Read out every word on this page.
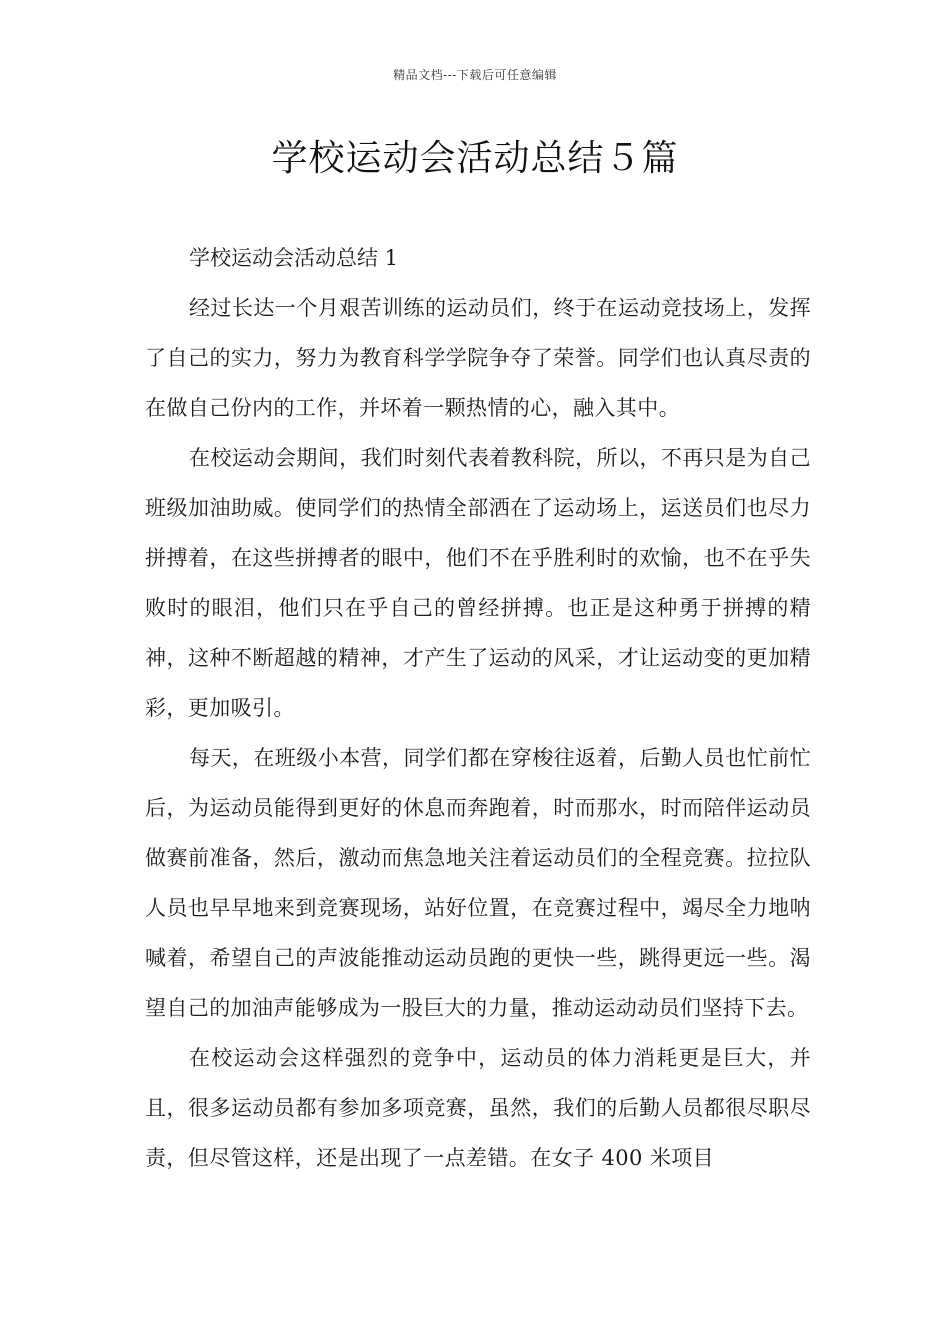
精品文档---下载后可任意编辑
学校运动会活动总结５篇

学校运动会活动总结 1

经过长达一个月艰苦训练的运动员们，终于在运动竞技场上，发挥了自己的实力，努力为教育科学学院争夺了荣誉。同学们也认真尽责的在做自己份内的工作，并坏着一颗热情的心，融入其中。

在校运动会期间，我们时刻代表着教科院，所以，不再只是为自己班级加油助威。使同学们的热情全部洒在了运动场上，运送员们也尽力拼搏着，在这些拼搏者的眼中，他们不在乎胜利时的欢愉，也不在乎失败时的眼泪，他们只在乎自己的曾经拼搏。也正是这种勇于拼搏的精神，这种不断超越的精神，才产生了运动的风采，才让运动变的更加精彩，更加吸引。

每天，在班级小本营，同学们都在穿梭往返着，后勤人员也忙前忙后，为运动员能得到更好的休息而奔跑着，时而那水，时而陪伴运动员做赛前准备，然后，激动而焦急地关注着运动员们的全程竞赛。拉拉队人员也早早地来到竞赛现场，站好位置，在竞赛过程中，竭尽全力地呐喊着，希望自己的声波能推动运动员跑的更快一些，跳得更远一些。渴望自己的加油声能够成为一股巨大的力量，推动运动动员们坚持下去。

在校运动会这样强烈的竞争中，运动员的体力消耗更是巨大，并且，很多运动员都有参加多项竞赛，虽然，我们的后勤人员都很尽职尽责，但尽管这样，还是出现了一点差错。在女子 400 米项目
